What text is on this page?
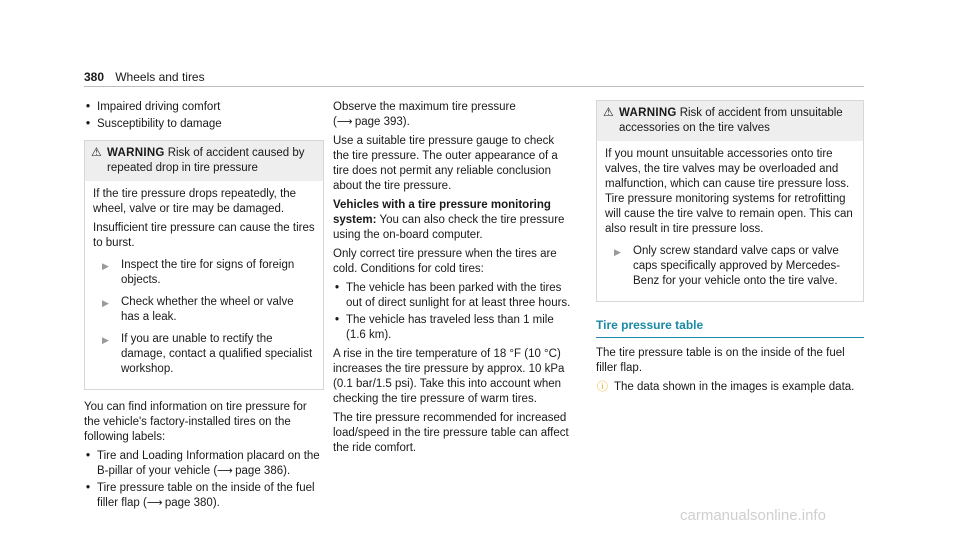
380 Wheels and tires
• Impaired driving comfort
• Susceptibility to damage
⚠ WARNING Risk of accident caused by repeated drop in tire pressure

If the tire pressure drops repeatedly, the wheel, valve or tire may be damaged.

Insufficient tire pressure can cause the tires to burst.

▶ Inspect the tire for signs of foreign objects.
▶ Check whether the wheel or valve has a leak.
▶ If you are unable to rectify the damage, contact a qualified specialist workshop.

You can find information on tire pressure for the vehicle's factory-installed tires on the following labels:

• Tire and Loading Information placard on the B-pillar of your vehicle (⟶ page 386).
• Tire pressure table on the inside of the fuel filler flap (⟶ page 380).

Observe the maximum tire pressure (⟶ page 393).

Use a suitable tire pressure gauge to check the tire pressure. The outer appearance of a tire does not permit any reliable conclusion about the tire pressure.

Vehicles with a tire pressure monitoring system: You can also check the tire pressure using the on-board computer.

Only correct tire pressure when the tires are cold. Conditions for cold tires:

• The vehicle has been parked with the tires out of direct sunlight for at least three hours.
• The vehicle has traveled less than 1 mile (1.6 km).

A rise in the tire temperature of 18 °F (10 °C) increases the tire pressure by approx. 10 kPa (0.1 bar/1.5 psi). Take this into account when checking the tire pressure of warm tires.

The tire pressure recommended for increased load/speed in the tire pressure table can affect the ride comfort.

⚠ WARNING Risk of accident from unsuitable accessories on the tire valves

If you mount unsuitable accessories onto tire valves, the tire valves may be overloaded and malfunction, which can cause tire pressure loss. Tire pressure monitoring systems for retrofitting will cause the tire valve to remain open. This can also result in tire pressure loss.

▶ Only screw standard valve caps or valve caps specifically approved by Mercedes-Benz for your vehicle onto the tire valve.
Tire pressure table

The tire pressure table is on the inside of the fuel filler flap.

ⓘ The data shown in the images is example data.
carmanualsonline.info
